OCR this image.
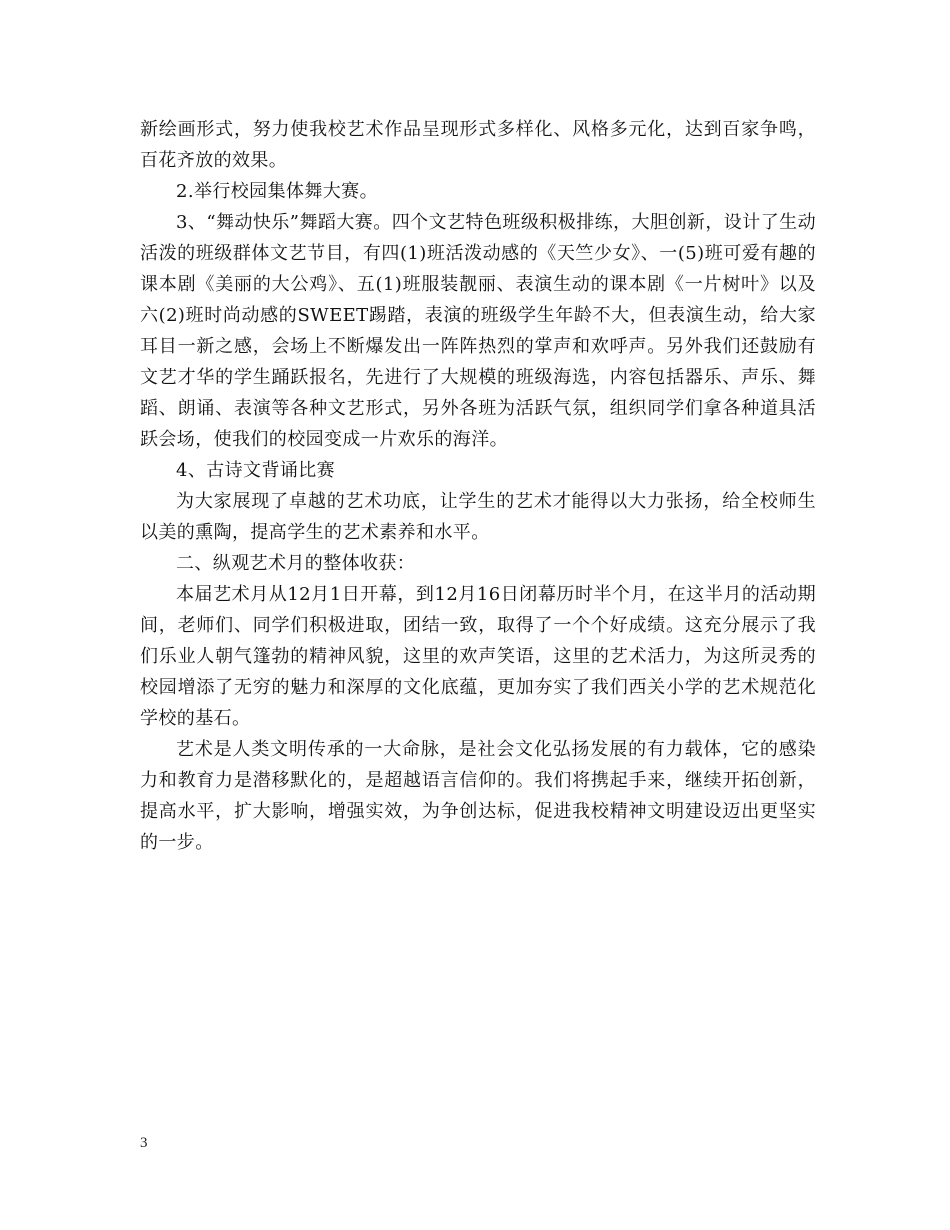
新绘画形式，努力使我校艺术作品呈现形式多样化、风格多元化，达到百家争鸣，百花齐放的效果。

2.举行校园集体舞大赛。

3、“舞动快乐”舞蹈大赛。四个文艺特色班级积极排练，大胆创新，设计了生动活泼的班级群体文艺节目，有四(1)班活泼动感的《天竺少女》、一(5)班可爱有趣的课本剧《美丽的大公鸡》、五(1)班服装靓丽、表演生动的课本剧《一片树叶》以及六(2)班时尚动感的SWEET踢踏，表演的班级学生年龄不大，但表演生动，给大家耳目一新之感，会场上不断爆发出一阵阵热烈的掌声和欢呼声。另外我们还鼓励有文艺才华的学生踊跃报名，先进行了大规模的班级海选，内容包括器乐、声乐、舞蹈、朗诵、表演等各种文艺形式，另外各班为活跃气氛，组织同学们拿各种道具活跃会场，使我们的校园变成一片欢乐的海洋。

4、古诗文背诵比赛

为大家展现了卓越的艺术功底，让学生的艺术才能得以大力张扬，给全校师生以美的熏陶，提高学生的艺术素养和水平。

二、纵观艺术月的整体收获：

本届艺术月从12月1日开幕，到12月16日闭幕历时半个月，在这半月的活动期间，老师们、同学们积极进取，团结一致，取得了一个个好成绩。这充分展示了我们乐业人朝气篷勃的精神风貌，这里的欢声笑语，这里的艺术活力，为这所灵秀的校园增添了无穷的魅力和深厚的文化底蕴，更加夯实了我们西关小学的艺术规范化学校的基石。

艺术是人类文明传承的一大命脉，是社会文化弘扬发展的有力载体，它的感染力和教育力是潜移默化的，是超越语言信仰的。我们将携起手来，继续开拓创新，提高水平，扩大影响，增强实效，为争创达标，促进我校精神文明建设迈出更坚实的一步。

3
